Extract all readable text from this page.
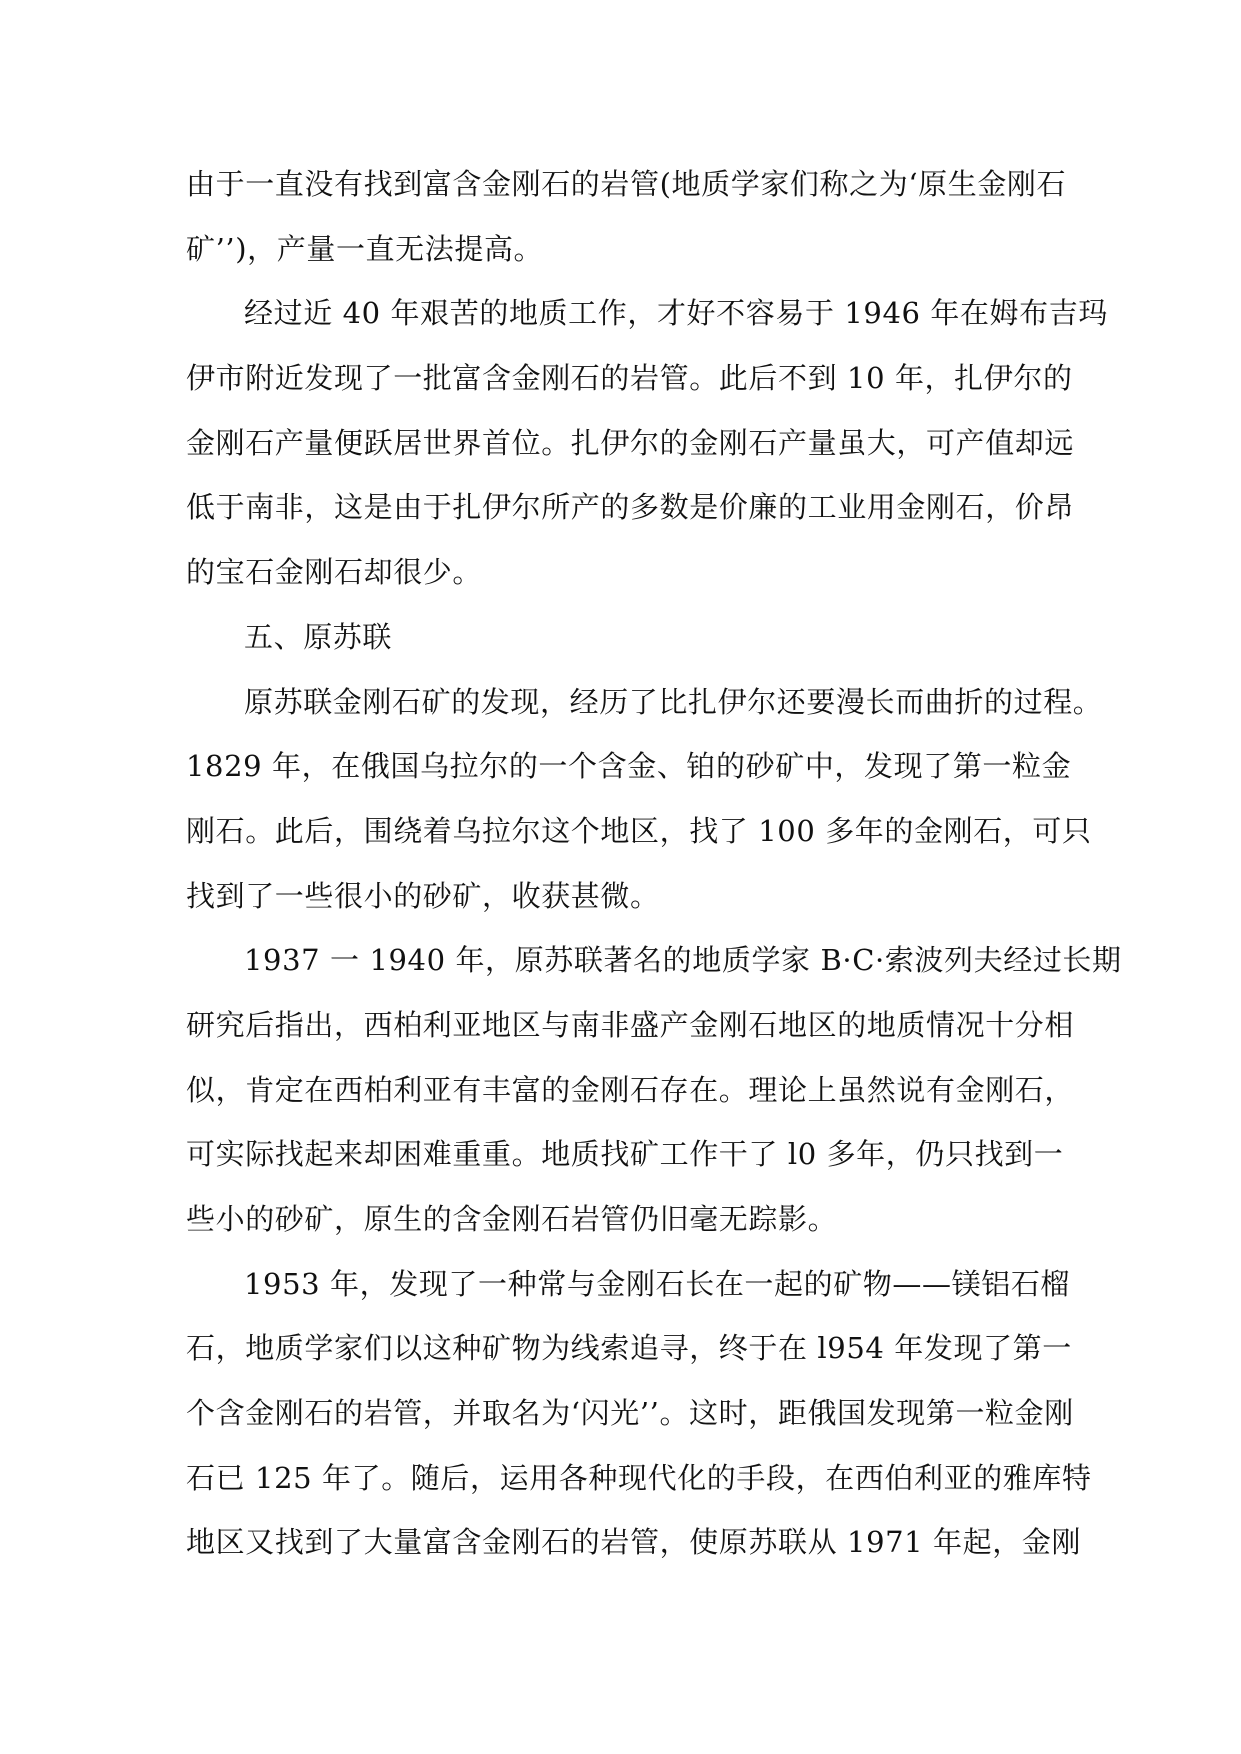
由于一直没有找到富含金刚石的岩管(地质学家们称之为‘原生金刚石
矿’’)，产量一直无法提高。
经过近 40 年艰苦的地质工作，才好不容易于 1946 年在姆布吉玛
伊市附近发现了一批富含金刚石的岩管。此后不到 10 年，扎伊尔的
金刚石产量便跃居世界首位。扎伊尔的金刚石产量虽大，可产值却远
低于南非，这是由于扎伊尔所产的多数是价廉的工业用金刚石，价昂
的宝石金刚石却很少。
五、原苏联
原苏联金刚石矿的发现，经历了比扎伊尔还要漫长而曲折的过程。
1829 年，在俄国乌拉尔的一个含金、铂的砂矿中，发现了第一粒金
刚石。此后，围绕着乌拉尔这个地区，找了 100 多年的金刚石，可只
找到了一些很小的砂矿，收获甚微。
1937 一 1940 年，原苏联著名的地质学家 B·C·索波列夫经过长期
研究后指出，西柏利亚地区与南非盛产金刚石地区的地质情况十分相
似，肯定在西柏利亚有丰富的金刚石存在。理论上虽然说有金刚石，
可实际找起来却困难重重。地质找矿工作干了 l0 多年，仍只找到一
些小的砂矿，原生的含金刚石岩管仍旧毫无踪影。
1953 年，发现了一种常与金刚石长在一起的矿物——镁铝石榴
石，地质学家们以这种矿物为线索追寻，终于在 l954 年发现了第一
个含金刚石的岩管，并取名为‘闪光’’。这时，距俄国发现第一粒金刚
石已 125 年了。随后，运用各种现代化的手段，在西伯利亚的雅库特
地区又找到了大量富含金刚石的岩管，使原苏联从 1971 年起，金刚
